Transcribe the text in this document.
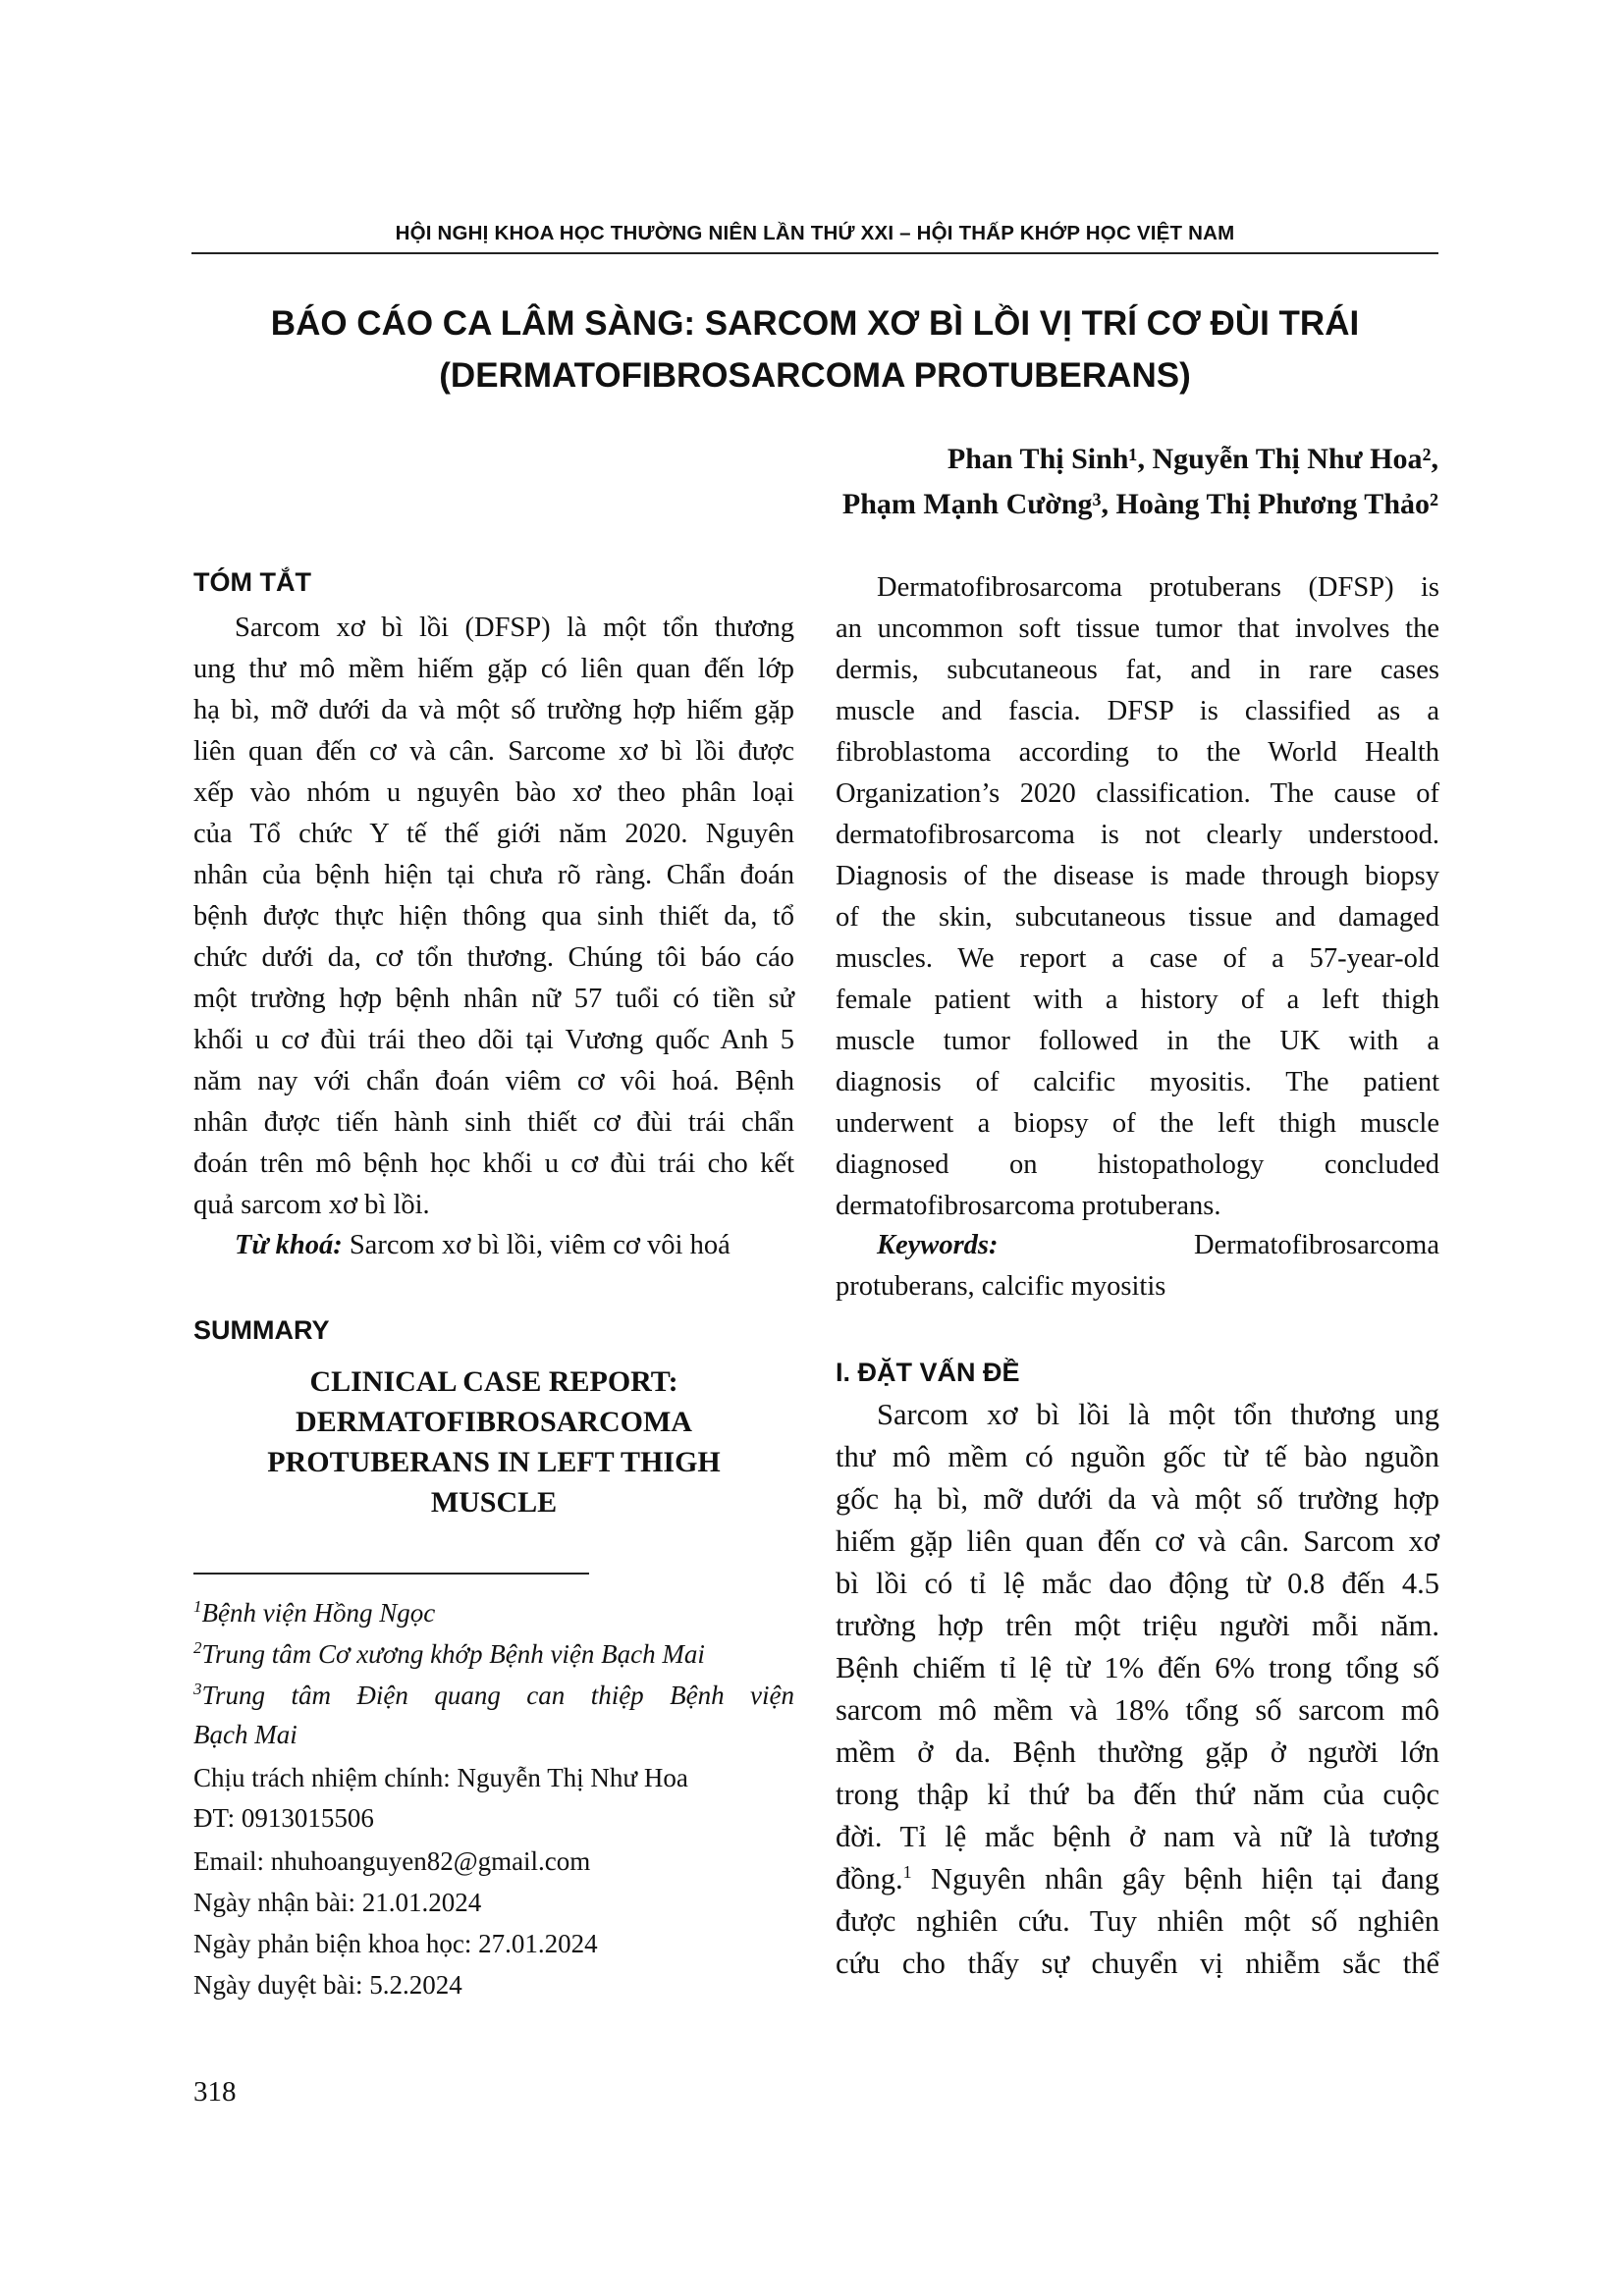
HỘI NGHỊ KHOA HỌC THƯỜNG NIÊN LẦN THỨ XXI – HỘI THẤP KHỚP HỌC VIỆT NAM
BÁO CÁO CA LÂM SÀNG: SARCOM XƠ BÌ LỒI VỊ TRÍ CƠ ĐÙI TRÁI
(DERMATOFIBROSARCOMA PROTUBERANS)
Phan Thị Sinh¹, Nguyễn Thị Như Hoa²,
Phạm Mạnh Cường³, Hoàng Thị Phương Thảo²
TÓM TẮT
Sarcom xơ bì lồi (DFSP) là một tổn thương
ung thư mô mềm hiếm gặp có liên quan đến lớp
hạ bì, mỡ dưới da và một số trường hợp hiếm gặp
liên quan đến cơ và cân. Sarcome xơ bì lồi được
xếp vào nhóm u nguyên bào xơ theo phân loại
của Tổ chức Y tế thế giới năm 2020. Nguyên
nhân của bệnh hiện tại chưa rõ ràng. Chẩn đoán
bệnh được thực hiện thông qua sinh thiết da, tổ
chức dưới da, cơ tổn thương. Chúng tôi báo cáo
một trường hợp bệnh nhân nữ 57 tuổi có tiền sử
khối u cơ đùi trái theo dõi tại Vương quốc Anh 5
năm nay với chẩn đoán viêm cơ vôi hoá. Bệnh
nhân được tiến hành sinh thiết cơ đùi trái chẩn
đoán trên mô bệnh học khối u cơ đùi trái cho kết
quả sarcom xơ bì lồi.
Từ khoá: Sarcom xơ bì lồi, viêm cơ vôi hoá
SUMMARY
CLINICAL CASE REPORT:
DERMATOFIBROSARCOMA
PROTUBERANS IN LEFT THIGH
MUSCLE
$^1$Bệnh viện Hồng Ngọc
$^2$Trung tâm Cơ xương khớp Bệnh viện Bạch Mai
$^3$Trung tâm Điện quang can thiệp Bệnh viện
Bạch Mai
Chịu trách nhiệm chính: Nguyễn Thị Như Hoa
ĐT: 0913015506
Email: nhuhoanguyen82@gmail.com
Ngày nhận bài: 21.01.2024
Ngày phản biện khoa học: 27.01.2024
Ngày duyệt bài: 5.2.2024
318
Dermatofibrosarcoma protuberans (DFSP) is
an uncommon soft tissue tumor that involves the
dermis, subcutaneous fat, and in rare cases
muscle and fascia. DFSP is classified as a
fibroblastoma according to the World Health
Organization’s 2020 classification. The cause of
dermatofibrosarcoma is not clearly understood.
Diagnosis of the disease is made through biopsy
of the skin, subcutaneous tissue and damaged
muscles. We report a case of a 57-year-old
female patient with a history of a left thigh
muscle tumor followed in the UK with a
diagnosis of calcific myositis. The patient
underwent a biopsy of the left thigh muscle
diagnosed on histopathology concluded
dermatofibrosarcoma protuberans.
Keywords:	Dermatofibrosarcoma
protuberans, calcific myositis
I. ĐẶT VẤN ĐỀ
Sarcom xơ bì lồi là một tổn thương ung
thư mô mềm có nguồn gốc từ tế bào nguồn
gốc hạ bì, mỡ dưới da và một số trường hợp
hiếm gặp liên quan đến cơ và cân. Sarcom xơ
bì lồi có tỉ lệ mắc dao động từ 0.8 đến 4.5
trường hợp trên một triệu người mỗi năm.
Bệnh chiếm tỉ lệ từ 1% đến 6% trong tổng số
sarcom mô mềm và 18% tổng số sarcom mô
mềm ở da. Bệnh thường gặp ở người lớn
trong thập kỉ thứ ba đến thứ năm của cuộc
đời. Tỉ lệ mắc bệnh ở nam và nữ là tương
đồng.$^1$ Nguyên nhân gây bệnh hiện tại đang
được nghiên cứu. Tuy nhiên một số nghiên
cứu cho thấy sự chuyển vị nhiễm sắc thể
